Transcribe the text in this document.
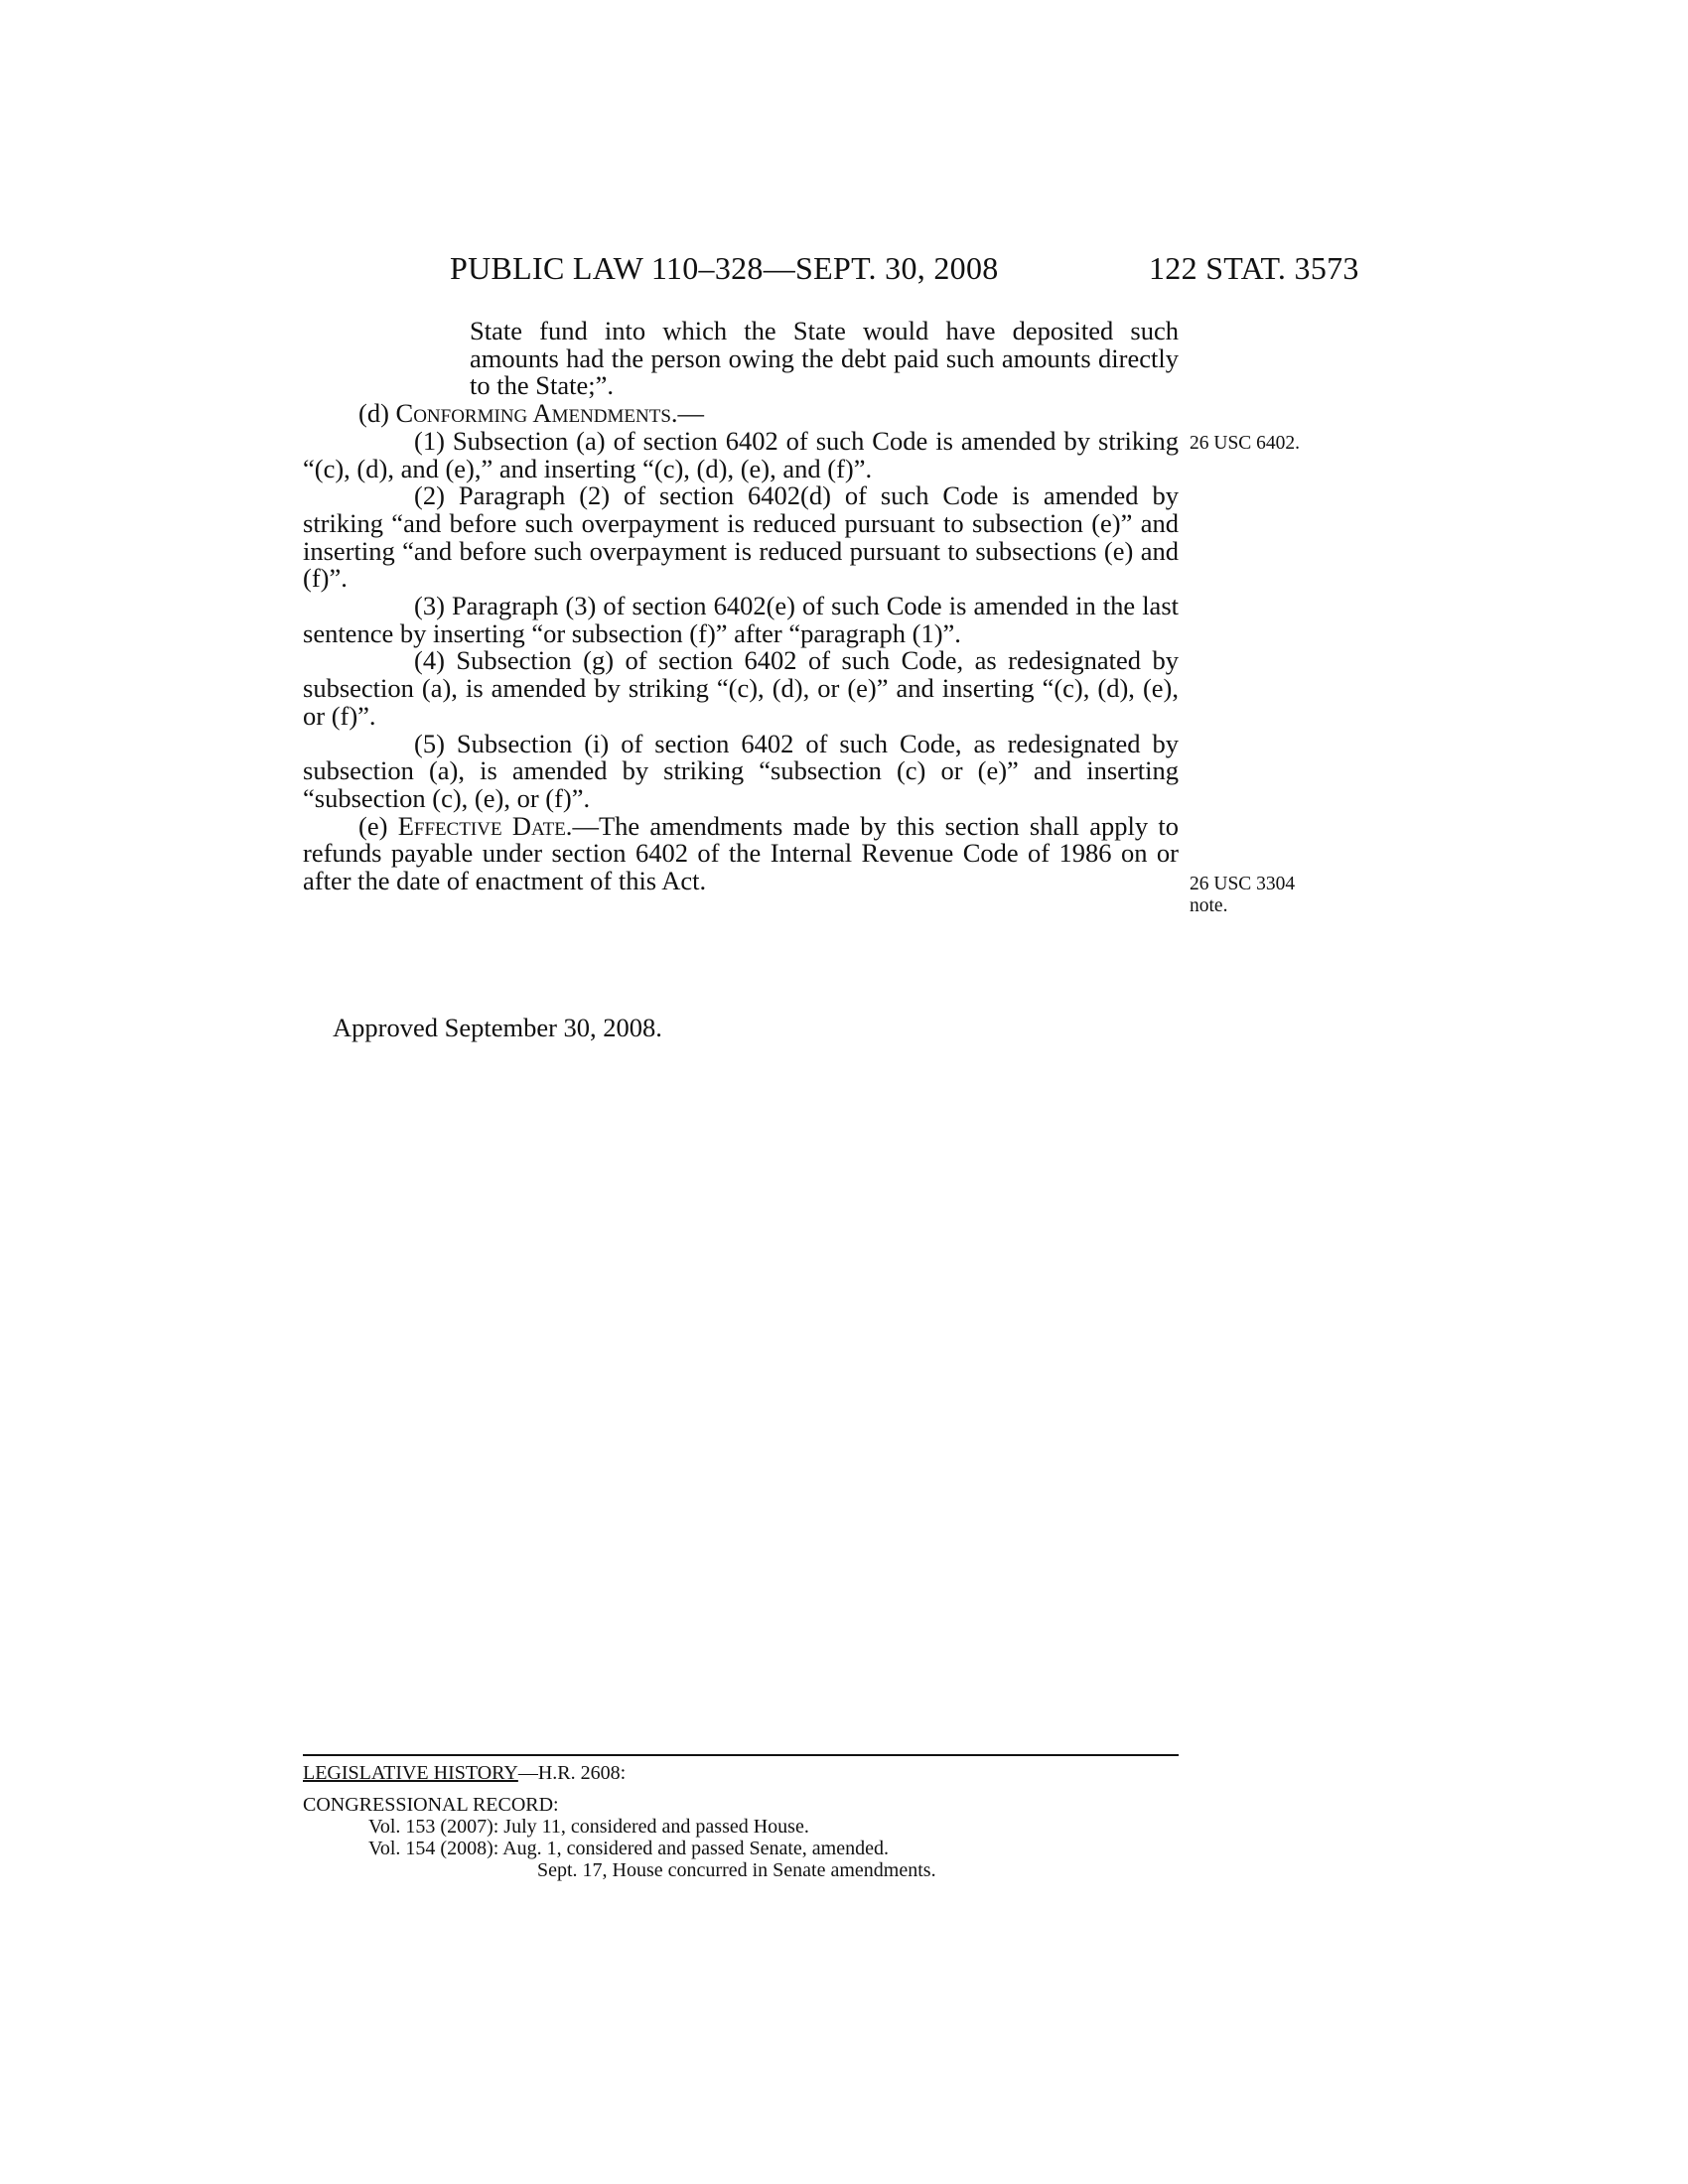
PUBLIC LAW 110–328—SEPT. 30, 2008	122 STAT. 3573

State fund into which the State would have deposited such amounts had the person owing the debt paid such amounts directly to the State;”.

(d) Conforming Amendments.—

(1) Subsection (a) of section 6402 of such Code is amended by striking “(c), (d), and (e),” and inserting “(c), (d), (e), and (f)”.

(2) Paragraph (2) of section 6402(d) of such Code is amended by striking “and before such overpayment is reduced pursuant to subsection (e)” and inserting “and before such overpayment is reduced pursuant to subsections (e) and (f)”.

(3) Paragraph (3) of section 6402(e) of such Code is amended in the last sentence by inserting “or subsection (f)” after “paragraph (1)”.

(4) Subsection (g) of section 6402 of such Code, as redesignated by subsection (a), is amended by striking “(c), (d), or (e)” and inserting “(c), (d), (e), or (f)”.

(5) Subsection (i) of section 6402 of such Code, as redesignated by subsection (a), is amended by striking “subsection (c) or (e)” and inserting “subsection (c), (e), or (f)”.

(e) Effective Date.—The amendments made by this section shall apply to refunds payable under section 6402 of the Internal Revenue Code of 1986 on or after the date of enactment of this Act.

Approved September 30, 2008.
26 USC 6402.
26 USC 3304
note.
LEGISLATIVE HISTORY—H.R. 2608:
CONGRESSIONAL RECORD:
Vol. 153 (2007): July 11, considered and passed House.
Vol. 154 (2008): Aug. 1, considered and passed Senate, amended.
Sept. 17, House concurred in Senate amendments.
